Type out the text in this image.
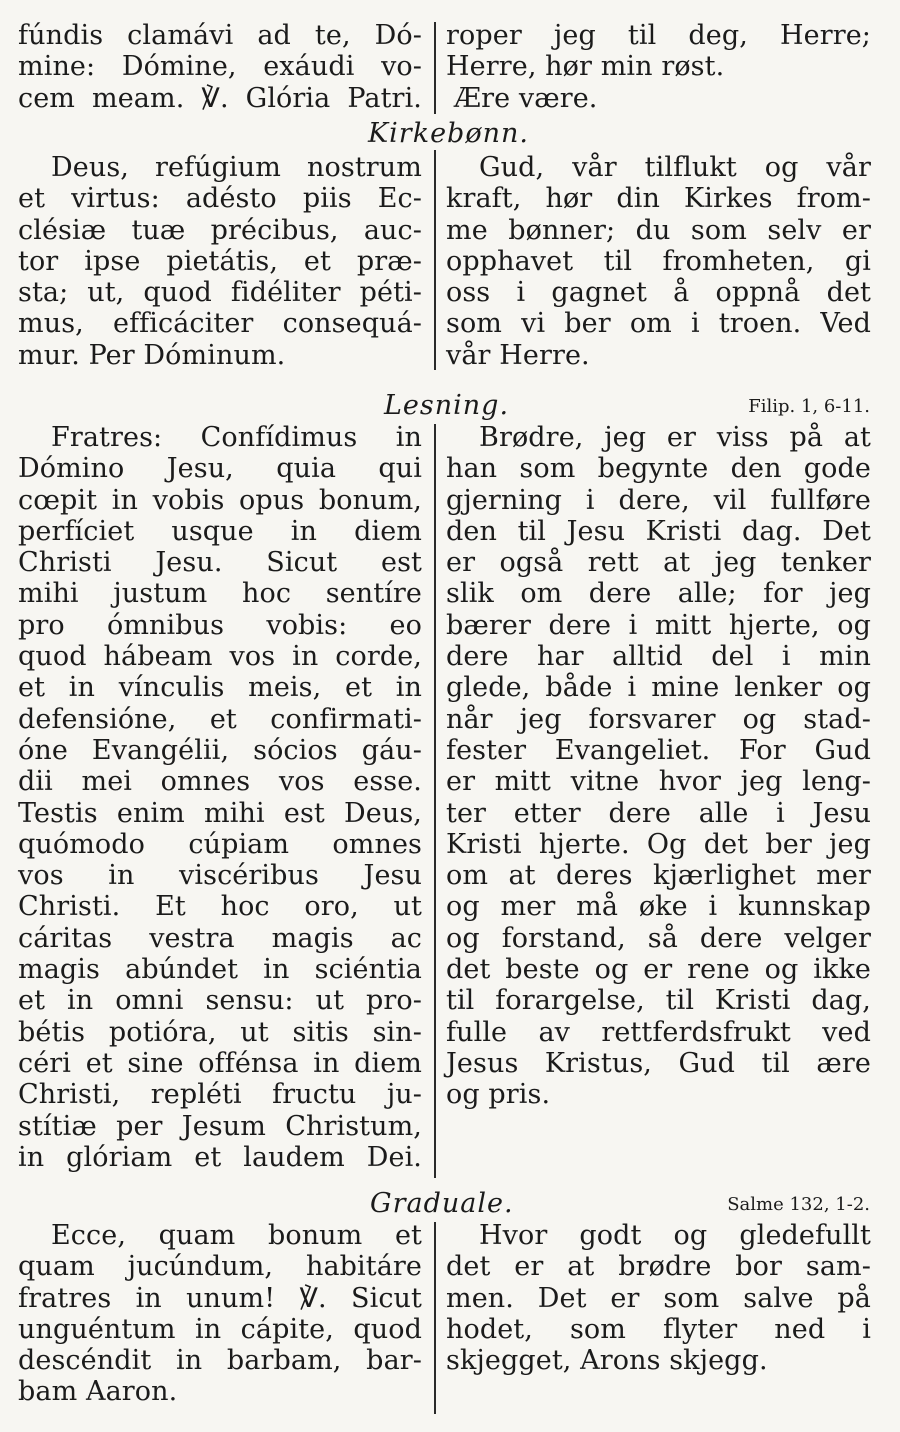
fúndis clamávi ad te, Dó-
mine: Dómine, exáudi vo-
cem meam. ℣. Glória Patri.
roper jeg til deg, Herre;
Herre, hør min røst.
Ære være.
Kirkebønn.
Deus, refúgium nostrum
et virtus: adésto piis Ec-
clésiæ tuæ précibus, auc-
tor ipse pietátis, et præ-
sta; ut, quod fidéliter péti-
mus, efficáciter consequá-
mur. Per Dóminum.
Gud, vår tilflukt og vår
kraft, hør din Kirkes from-
me bønner; du som selv er
opphavet til fromheten, gi
oss i gagnet å oppnå det
som vi ber om i troen. Ved
vår Herre.
Lesning.	Filip. 1, 6-11.
Fratres: Confídimus in
Dómino Jesu, quia qui
cœpit in vobis opus bonum,
perfíciet usque in diem
Christi Jesu. Sicut est
mihi justum hoc sentíre
pro ómnibus vobis: eo
quod hábeam vos in corde,
et in vínculis meis, et in
defensióne, et confirmati-
óne Evangélii, sócios gáu-
dii mei omnes vos esse.
Testis enim mihi est Deus,
quómodo cúpiam omnes
vos in viscéribus Jesu
Christi. Et hoc oro, ut
cáritas vestra magis ac
magis abúndet in sciéntia
et in omni sensu: ut pro-
bétis potióra, ut sitis sin-
céri et sine offénsa in diem
Christi, repléti fructu ju-
stítiæ per Jesum Christum,
in glóriam et laudem Dei.
Brødre, jeg er viss på at
han som begynte den gode
gjerning i dere, vil fullføre
den til Jesu Kristi dag. Det
er også rett at jeg tenker
slik om dere alle; for jeg
bærer dere i mitt hjerte, og
dere har alltid del i min
glede, både i mine lenker og
når jeg forsvarer og stad-
fester Evangeliet. For Gud
er mitt vitne hvor jeg leng-
ter etter dere alle i Jesu
Kristi hjerte. Og det ber jeg
om at deres kjærlighet mer
og mer må øke i kunnskap
og forstand, så dere velger
det beste og er rene og ikke
til forargelse, til Kristi dag,
fulle av rettferdsfrukt ved
Jesus Kristus, Gud til ære
og pris.
Graduale.	Salme 132, 1-2.
Ecce, quam bonum et
quam jucúndum, habitáre
fratres in unum! ℣. Sicut
unguéntum in cápite, quod
descéndit in barbam, bar-
bam Aaron.
Hvor godt og gledefullt
det er at brødre bor sam-
men. Det er som salve på
hodet, som flyter ned i
skjegget, Arons skjegg.
